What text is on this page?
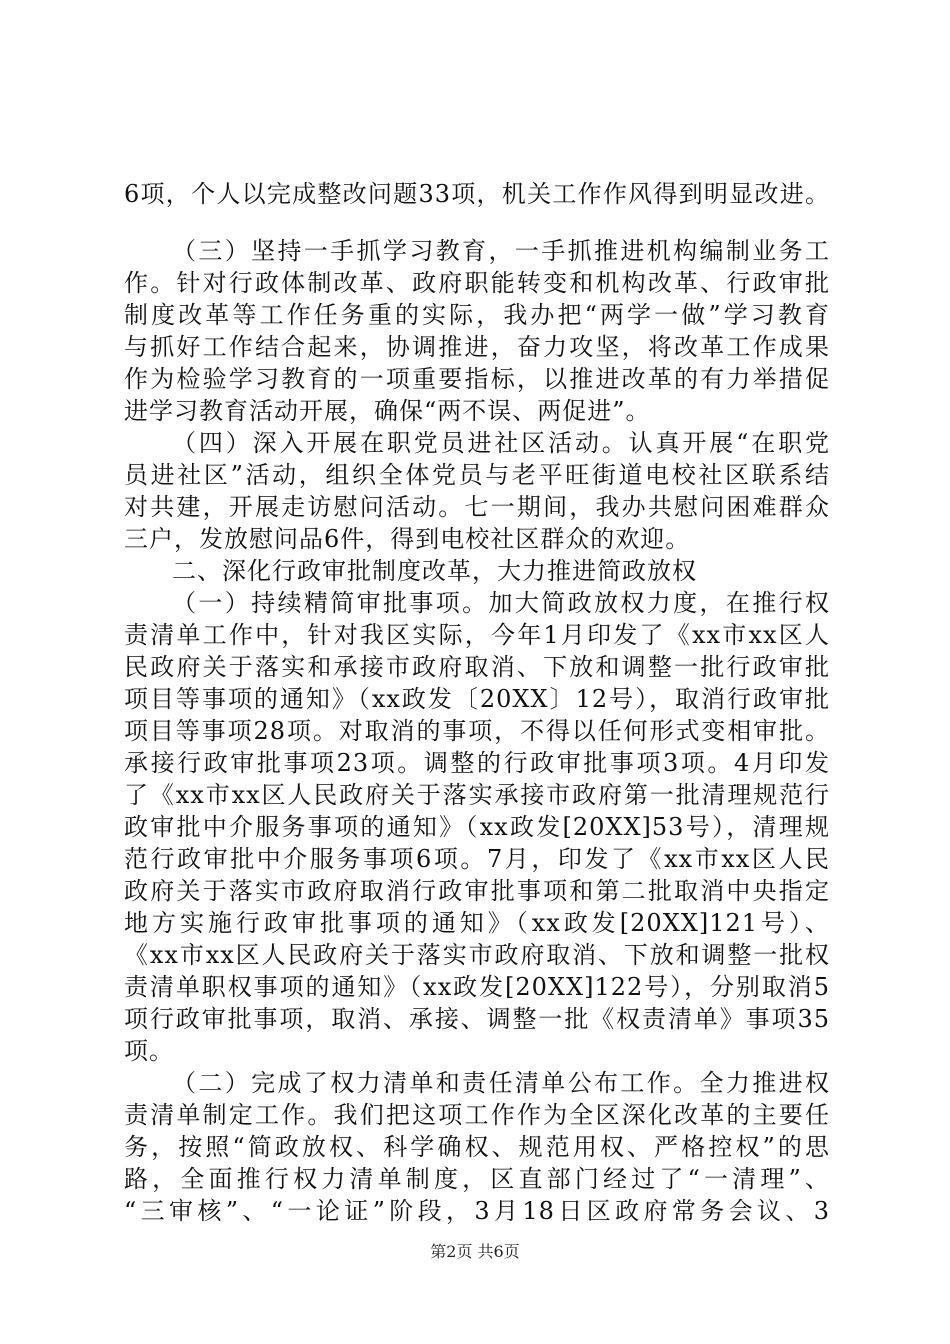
6项，个人以完成整改问题33项，机关工作作风得到明显改进。
（三）坚持一手抓学习教育，一手抓推进机构编制业务工
作。针对行政体制改革、政府职能转变和机构改革、行政审批
制度改革等工作任务重的实际，我办把“两学一做”学习教育
与抓好工作结合起来，协调推进，奋力攻坚，将改革工作成果
作为检验学习教育的一项重要指标，以推进改革的有力举措促
进学习教育活动开展，确保“两不误、两促进”。
（四）深入开展在职党员进社区活动。认真开展“在职党
员进社区”活动，组织全体党员与老平旺街道电校社区联系结
对共建，开展走访慰问活动。七一期间，我办共慰问困难群众
三户，发放慰问品6件，得到电校社区群众的欢迎。
二、深化行政审批制度改革，大力推进简政放权
（一）持续精简审批事项。加大简政放权力度，在推行权
责清单工作中，针对我区实际，今年1月印发了《xx市xx区人
民政府关于落实和承接市政府取消、下放和调整一批行政审批
项目等事项的通知》（xx政发〔20XX〕12号），取消行政审批
项目等事项28项。对取消的事项，不得以任何形式变相审批。
承接行政审批事项23项。调整的行政审批事项3项。4月印发
了《xx市xx区人民政府关于落实承接市政府第一批清理规范行
政审批中介服务事项的通知》（xx政发[20XX]53号），清理规
范行政审批中介服务事项6项。7月，印发了《xx市xx区人民
政府关于落实市政府取消行政审批事项和第二批取消中央指定
地方实施行政审批事项的通知》（xx政发[20XX]121号）、
《xx市xx区人民政府关于落实市政府取消、下放和调整一批权
责清单职权事项的通知》（xx政发[20XX]122号），分别取消5
项行政审批事项，取消、承接、调整一批《权责清单》事项35
项。
（二）完成了权力清单和责任清单公布工作。全力推进权
责清单制定工作。我们把这项工作作为全区深化改革的主要任
务，按照“简政放权、科学确权、规范用权、严格控权”的思
路，全面推行权力清单制度，区直部门经过了“一清理”、
“三审核”、“一论证”阶段，3月18日区政府常务会议、3
第2页 共6页
